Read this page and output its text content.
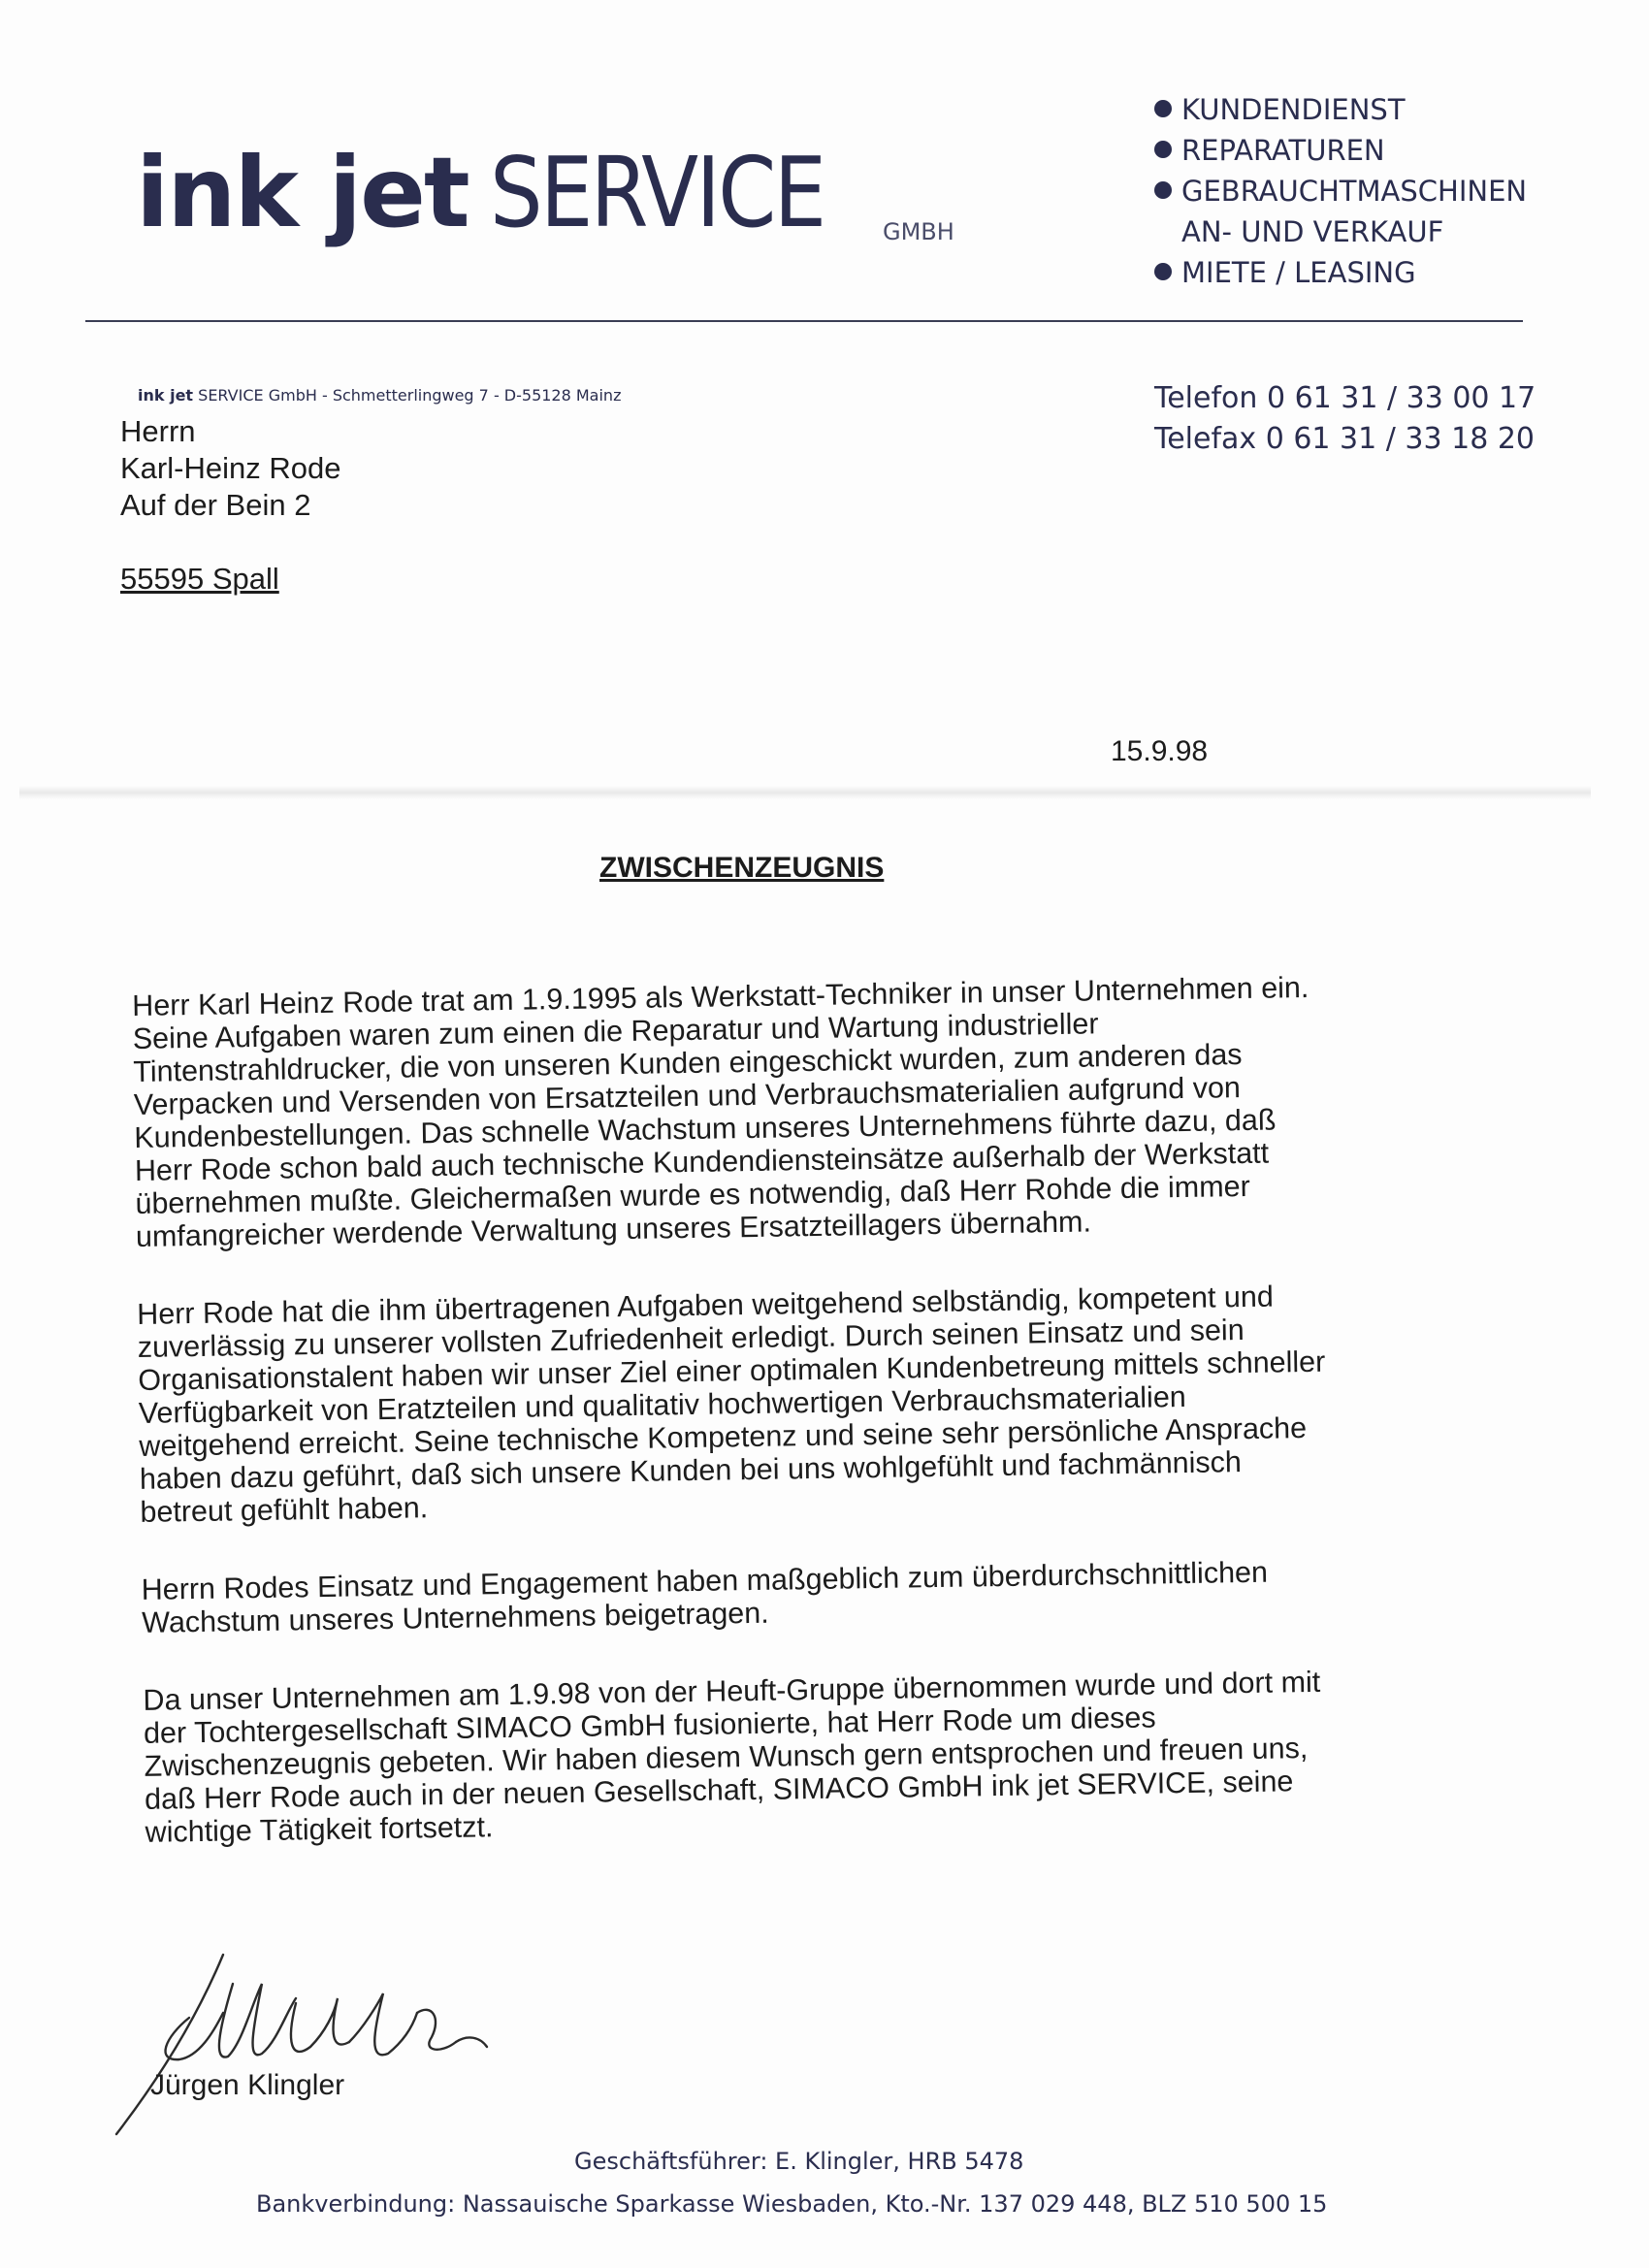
ink jet SERVICE	GMBH
KUNDENDIENST
REPARATUREN
GEBRAUCHTMASCHINEN
AN- UND VERKAUF
MIETE / LEASING
ink jet SERVICE GmbH - Schmetterlingweg 7 - D-55128 Mainz	Telefon 0 61 31 / 33 00 17
Telefax 0 61 31 / 33 18 20
Herrn
Karl-Heinz Rode
Auf der Bein 2
55595 Spall
15.9.98
ZWISCHENZEUGNIS

Herr Karl Heinz Rode trat am 1.9.1995 als Werkstatt-Techniker in unser Unternehmen ein.
Seine Aufgaben waren zum einen die Reparatur und Wartung industrieller
Tintenstrahldrucker, die von unseren Kunden eingeschickt wurden, zum anderen das
Verpacken und Versenden von Ersatzteilen und Verbrauchsmaterialien aufgrund von
Kundenbestellungen. Das schnelle Wachstum unseres Unternehmens führte dazu, daß
Herr Rode schon bald auch technische Kundendiensteinsätze außerhalb der Werkstatt
übernehmen mußte. Gleichermaßen wurde es notwendig, daß Herr Rohde die immer
umfangreicher werdende Verwaltung unseres Ersatzteillagers übernahm.

Herr Rode hat die ihm übertragenen Aufgaben weitgehend selbständig, kompetent und
zuverlässig zu unserer vollsten Zufriedenheit erledigt. Durch seinen Einsatz und sein
Organisationstalent haben wir unser Ziel einer optimalen Kundenbetreung mittels schneller
Verfügbarkeit von Eratzteilen und qualitativ hochwertigen Verbrauchsmaterialien
weitgehend erreicht. Seine technische Kompetenz und seine sehr persönliche Ansprache
haben dazu geführt, daß sich unsere Kunden bei uns wohlgefühlt und fachmännisch
betreut gefühlt haben.

Herrn Rodes Einsatz und Engagement haben maßgeblich zum überdurchschnittlichen
Wachstum unseres Unternehmens beigetragen.

Da unser Unternehmen am 1.9.98 von der Heuft-Gruppe übernommen wurde und dort mit
der Tochtergesellschaft SIMACO GmbH fusionierte, hat Herr Rode um dieses
Zwischenzeugnis gebeten. Wir haben diesem Wunsch gern entsprochen und freuen uns,
daß Herr Rode auch in der neuen Gesellschaft, SIMACO GmbH ink jet SERVICE, seine
wichtige Tätigkeit fortsetzt.

Jürgen Klingler
Geschäftsführer: E. Klingler, HRB 5478
Bankverbindung: Nassauische Sparkasse Wiesbaden, Kto.-Nr. 137 029 448, BLZ 510 500 15
